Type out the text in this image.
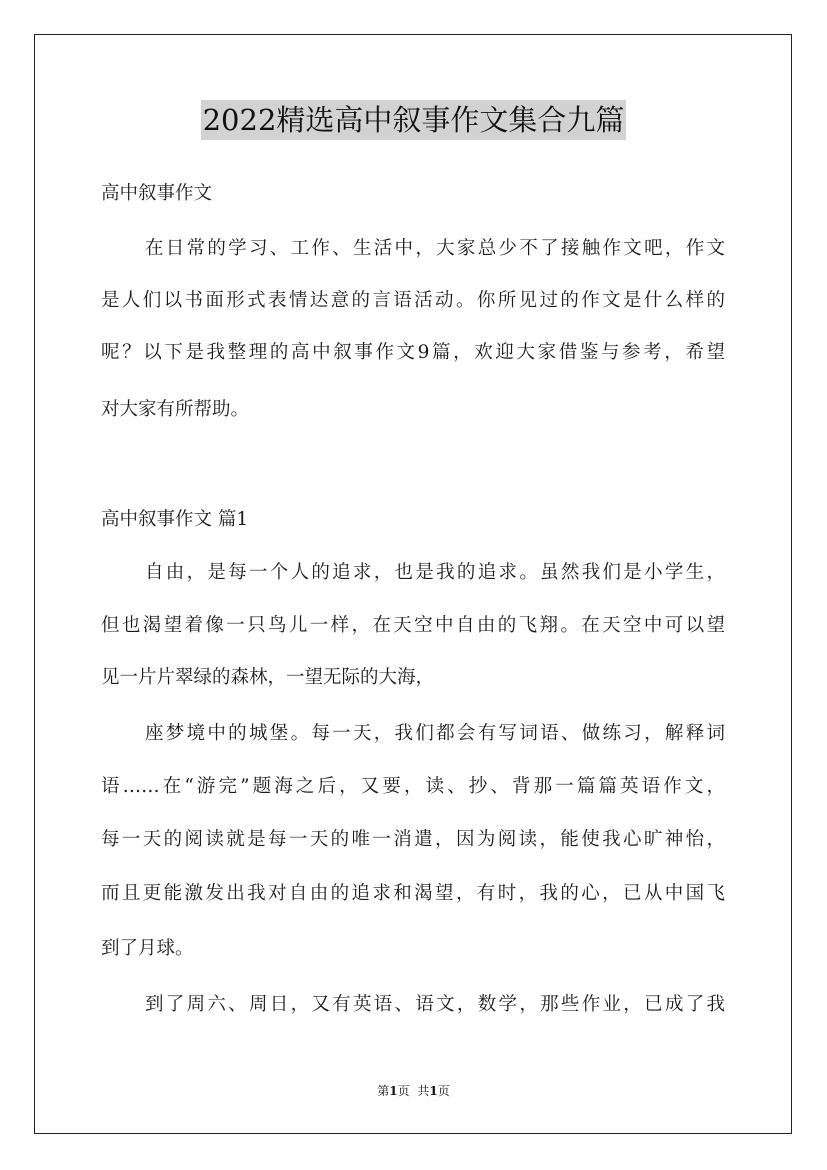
2022精选高中叙事作文集合九篇
高中叙事作文
在日常的学习、工作、生活中，大家总少不了接触作文吧，作文
是人们以书面形式表情达意的言语活动。你所见过的作文是什么样的
呢？以下是我整理的高中叙事作文9篇，欢迎大家借鉴与参考，希望
对大家有所帮助。
高中叙事作文 篇1
自由，是每一个人的追求，也是我的追求。虽然我们是小学生，
但也渴望着像一只鸟儿一样，在天空中自由的飞翔。在天空中可以望
见一片片翠绿的森林，一望无际的大海，
座梦境中的城堡。每一天，我们都会有写词语、做练习，解释词
语……在“游完”题海之后，又要，读、抄、背那一篇篇英语作文，
每一天的阅读就是每一天的唯一消遣，因为阅读，能使我心旷神怡，
而且更能激发出我对自由的追求和渴望，有时，我的心，已从中国飞
到了月球。
到了周六、周日，又有英语、语文，数学，那些作业，已成了我
第1页 共1页
